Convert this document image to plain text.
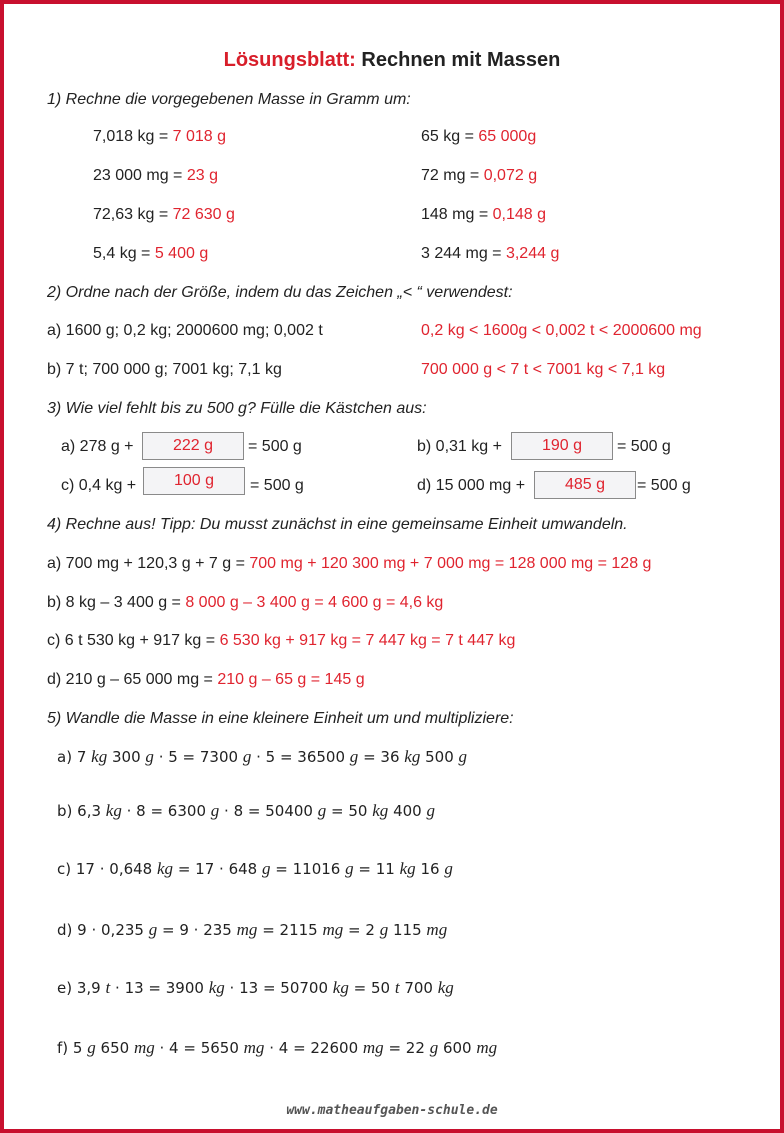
Lösungsblatt: Rechnen mit Massen
1) Rechne die vorgegebenen Masse in Gramm um:
7,018 kg = 7 018 g	65 kg = 65 000g
23 000 mg = 23 g	72 mg = 0,072 g
72,63 kg = 72 630 g	148 mg = 0,148 g
5,4 kg = 5 400 g	3 244 mg = 3,244 g
2) Ordne nach der Größe, indem du das Zeichen „< “ verwendest:
a) 1600 g; 0,2 kg; 2000600 mg; 0,002 t	0,2 kg < 1600g < 0,002 t < 2000600 mg
b) 7 t; 700 000 g; 7001 kg; 7,1 kg	700 000 g < 7 t < 7001 kg < 7,1 kg
3) Wie viel fehlt bis zu 500 g? Fülle die Kästchen aus:
a) 278 g +	222 g	= 500 g	b) 0,31 kg +	190 g	= 500 g
c) 0,4 kg +	100 g	= 500 g	d) 15 000 mg +	485 g	= 500 g
4) Rechne aus! Tipp: Du musst zunächst in eine gemeinsame Einheit umwandeln.
a) 700 mg + 120,3 g + 7 g = 700 mg + 120 300 mg + 7 000 mg = 128 000 mg = 128 g
b) 8 kg – 3 400 g = 8 000 g – 3 400 g = 4 600 g = 4,6 kg
c) 6 t 530 kg + 917 kg = 6 530 kg + 917 kg = 7 447 kg = 7 t 447 kg
d) 210 g – 65 000 mg = 210 g – 65 g = 145 g
5) Wandle die Masse in eine kleinere Einheit um und multipliziere:
a) 7 kg 300 g · 5 = 7300 g · 5 = 36500 g = 36 kg 500 g
b) 6,3 kg · 8 = 6300 g · 8 = 50400 g = 50 kg 400 g
c) 17 · 0,648 kg = 17 · 648 g = 11016 g = 11 kg 16 g
d) 9 · 0,235 g = 9 · 235 mg = 2115 mg = 2 g 115 mg
e) 3,9 t · 13 = 3900 kg · 13 = 50700 kg = 50 t 700 kg
f) 5 g 650 mg · 4 = 5650 mg · 4 = 22600 mg = 22 g 600 mg
www.matheaufgaben-schule.de
